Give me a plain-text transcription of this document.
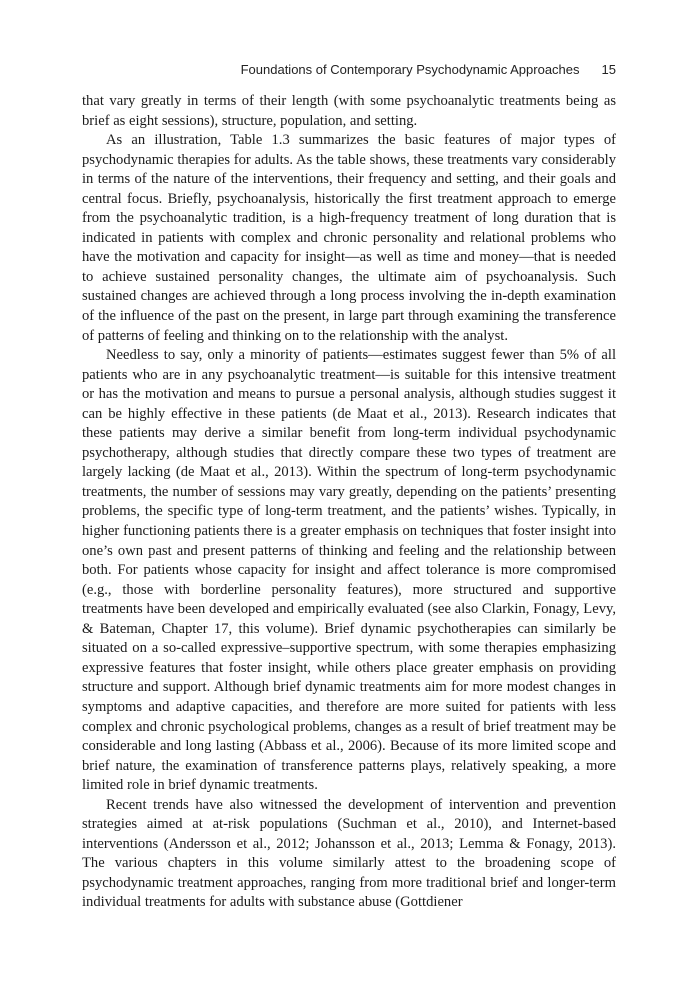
Foundations of Contemporary Psychodynamic Approaches 15

that vary greatly in terms of their length (with some psychoanalytic treatments being as brief as eight sessions), structure, population, and setting.

As an illustration, Table 1.3 summarizes the basic features of major types of psychodynamic therapies for adults. As the table shows, these treatments vary considerably in terms of the nature of the interventions, their frequency and setting, and their goals and central focus. Briefly, psychoanalysis, historically the first treatment approach to emerge from the psychoanalytic tradition, is a high-frequency treatment of long duration that is indicated in patients with complex and chronic personality and relational problems who have the motivation and capacity for insight—as well as time and money—that is needed to achieve sustained personality changes, the ultimate aim of psychoanalysis. Such sustained changes are achieved through a long process involving the in-depth examination of the influence of the past on the present, in large part through examining the transference of patterns of feeling and thinking on to the relationship with the analyst.

Needless to say, only a minority of patients—estimates suggest fewer than 5% of all patients who are in any psychoanalytic treatment—is suitable for this intensive treatment or has the motivation and means to pursue a personal analysis, although studies suggest it can be highly effective in these patients (de Maat et al., 2013). Research indicates that these patients may derive a similar benefit from long-term individual psychodynamic psychotherapy, although studies that directly compare these two types of treatment are largely lacking (de Maat et al., 2013). Within the spectrum of long-term psychodynamic treatments, the number of sessions may vary greatly, depending on the patients’ presenting problems, the specific type of long-term treatment, and the patients’ wishes. Typically, in higher functioning patients there is a greater emphasis on techniques that foster insight into one’s own past and present patterns of thinking and feeling and the relationship between both. For patients whose capacity for insight and affect tolerance is more compromised (e.g., those with borderline personality features), more structured and supportive treatments have been developed and empirically evaluated (see also Clarkin, Fonagy, Levy, & Bateman, Chapter 17, this volume). Brief dynamic psychotherapies can similarly be situated on a so-called expressive–supportive spectrum, with some therapies emphasizing expressive features that foster insight, while others place greater emphasis on providing structure and support. Although brief dynamic treatments aim for more modest changes in symptoms and adaptive capacities, and therefore are more suited for patients with less complex and chronic psychological problems, changes as a result of brief treatment may be considerable and long lasting (Abbass et al., 2006). Because of its more limited scope and brief nature, the examination of transference patterns plays, relatively speaking, a more limited role in brief dynamic treatments.

Recent trends have also witnessed the development of intervention and prevention strategies aimed at at-risk populations (Suchman et al., 2010), and Internet-based interventions (Andersson et al., 2012; Johansson et al., 2013; Lemma & Fonagy, 2013). The various chapters in this volume similarly attest to the broadening scope of psychodynamic treatment approaches, ranging from more traditional brief and longer-term individual treatments for adults with substance abuse (Gottdiener
